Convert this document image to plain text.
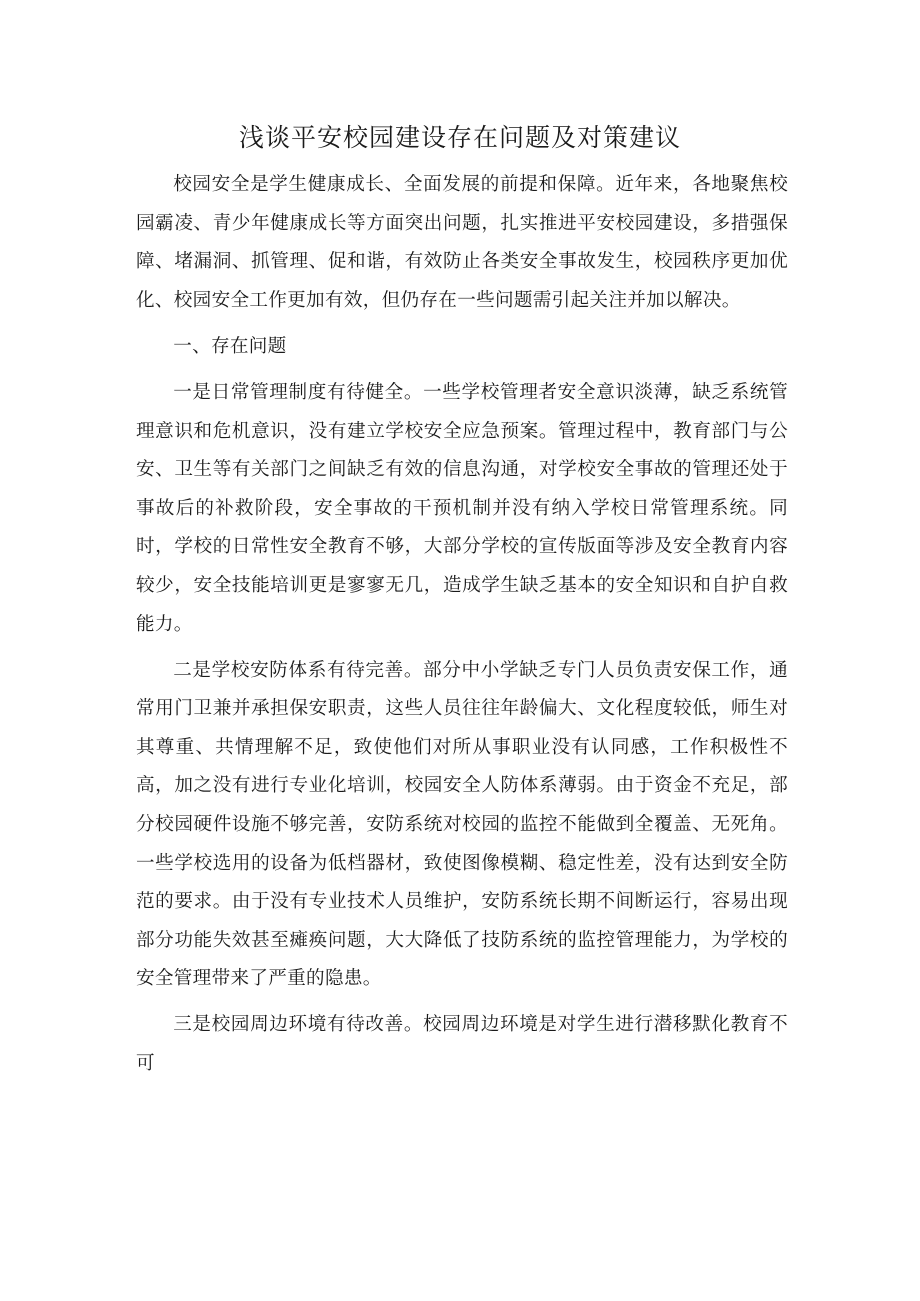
浅谈平安校园建设存在问题及对策建议

校园安全是学生健康成长、全面发展的前提和保障。近年来，各地聚焦校园霸凌、青少年健康成长等方面突出问题，扎实推进平安校园建设，多措强保障、堵漏洞、抓管理、促和谐，有效防止各类安全事故发生，校园秩序更加优化、校园安全工作更加有效，但仍存在一些问题需引起关注并加以解决。

一、存在问题

一是日常管理制度有待健全。一些学校管理者安全意识淡薄，缺乏系统管理意识和危机意识，没有建立学校安全应急预案。管理过程中，教育部门与公安、卫生等有关部门之间缺乏有效的信息沟通，对学校安全事故的管理还处于事故后的补救阶段，安全事故的干预机制并没有纳入学校日常管理系统。同时，学校的日常性安全教育不够，大部分学校的宣传版面等涉及安全教育内容较少，安全技能培训更是寥寥无几，造成学生缺乏基本的安全知识和自护自救能力。

二是学校安防体系有待完善。部分中小学缺乏专门人员负责安保工作，通常用门卫兼并承担保安职责，这些人员往往年龄偏大、文化程度较低，师生对其尊重、共情理解不足，致使他们对所从事职业没有认同感，工作积极性不高，加之没有进行专业化培训，校园安全人防体系薄弱。由于资金不充足，部分校园硬件设施不够完善，安防系统对校园的监控不能做到全覆盖、无死角。一些学校选用的设备为低档器材，致使图像模糊、稳定性差，没有达到安全防范的要求。由于没有专业技术人员维护，安防系统长期不间断运行，容易出现部分功能失效甚至瘫痪问题，大大降低了技防系统的监控管理能力，为学校的安全管理带来了严重的隐患。

三是校园周边环境有待改善。校园周边环境是对学生进行潜移默化教育不可
